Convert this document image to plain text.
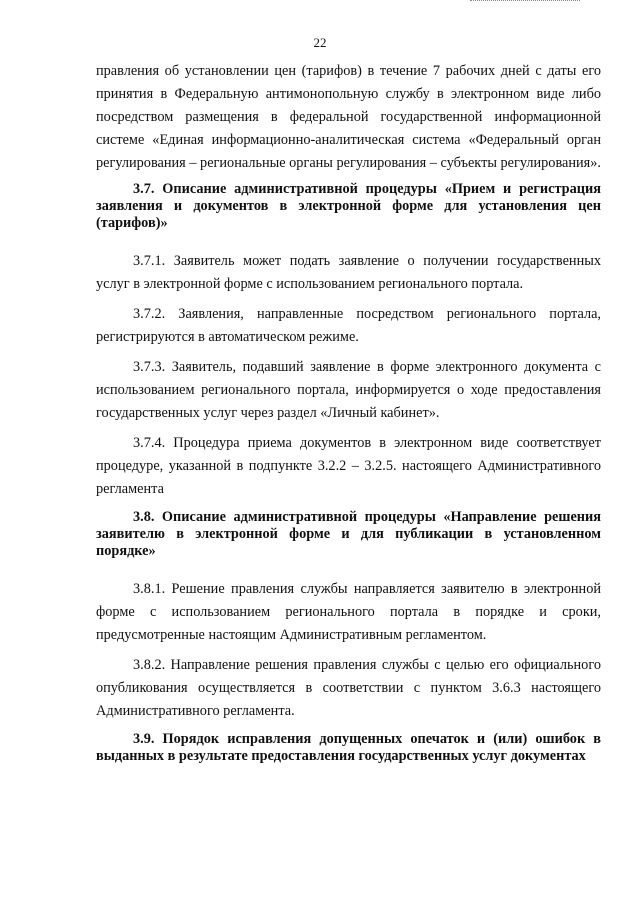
22

правления об установлении цен (тарифов) в течение 7 рабочих дней с даты его принятия в Федеральную антимонопольную службу в электронном виде либо посредством размещения в федеральной государственной информационной системе «Единая информационно-аналитическая система «Федеральный орган регулирования – региональные органы регулирования – субъекты регулирования».

3.7. Описание административной процедуры «Прием и регистрация заявления и документов в электронной форме для установления цен (тарифов)»

3.7.1. Заявитель может подать заявление о получении государственных услуг в электронной форме с использованием регионального портала.

3.7.2. Заявления, направленные посредством регионального портала, регистрируются в автоматическом режиме.

3.7.3. Заявитель, подавший заявление в форме электронного документа с использованием регионального портала, информируется о ходе предоставления государственных услуг через раздел «Личный кабинет».

3.7.4. Процедура приема документов в электронном виде соответствует процедуре, указанной в подпункте 3.2.2 – 3.2.5. настоящего Административного регламента

3.8. Описание административной процедуры «Направление решения заявителю в электронной форме и для публикации в установленном порядке»

3.8.1. Решение правления службы направляется заявителю в электронной форме с использованием регионального портала в порядке и сроки, предусмотренные настоящим Административным регламентом.

3.8.2. Направление решения правления службы с целью его официального опубликования осуществляется в соответствии с пунктом 3.6.3 настоящего Административного регламента.

3.9. Порядок исправления допущенных опечаток и (или) ошибок в выданных в результате предоставления государственных услуг документах
